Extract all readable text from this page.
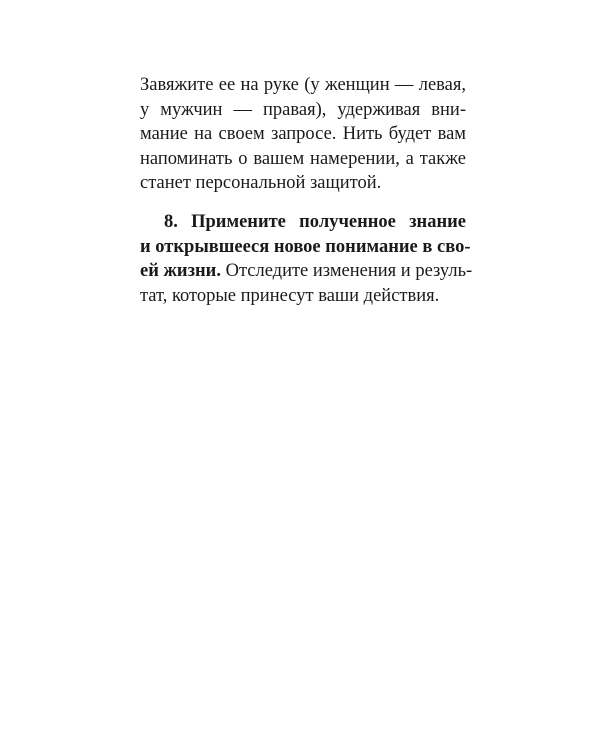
Завяжите ее на руке (у женщин — левая,
у мужчин — правая), удерживая вни-
мание на своем запросе. Нить будет вам
напоминать о вашем намерении, а также
станет персональной защитой.
8. Примените полученное знание
и открывшееся новое понимание в сво-
ей жизни. Отследите изменения и резуль-
тат, которые принесут ваши действия.
